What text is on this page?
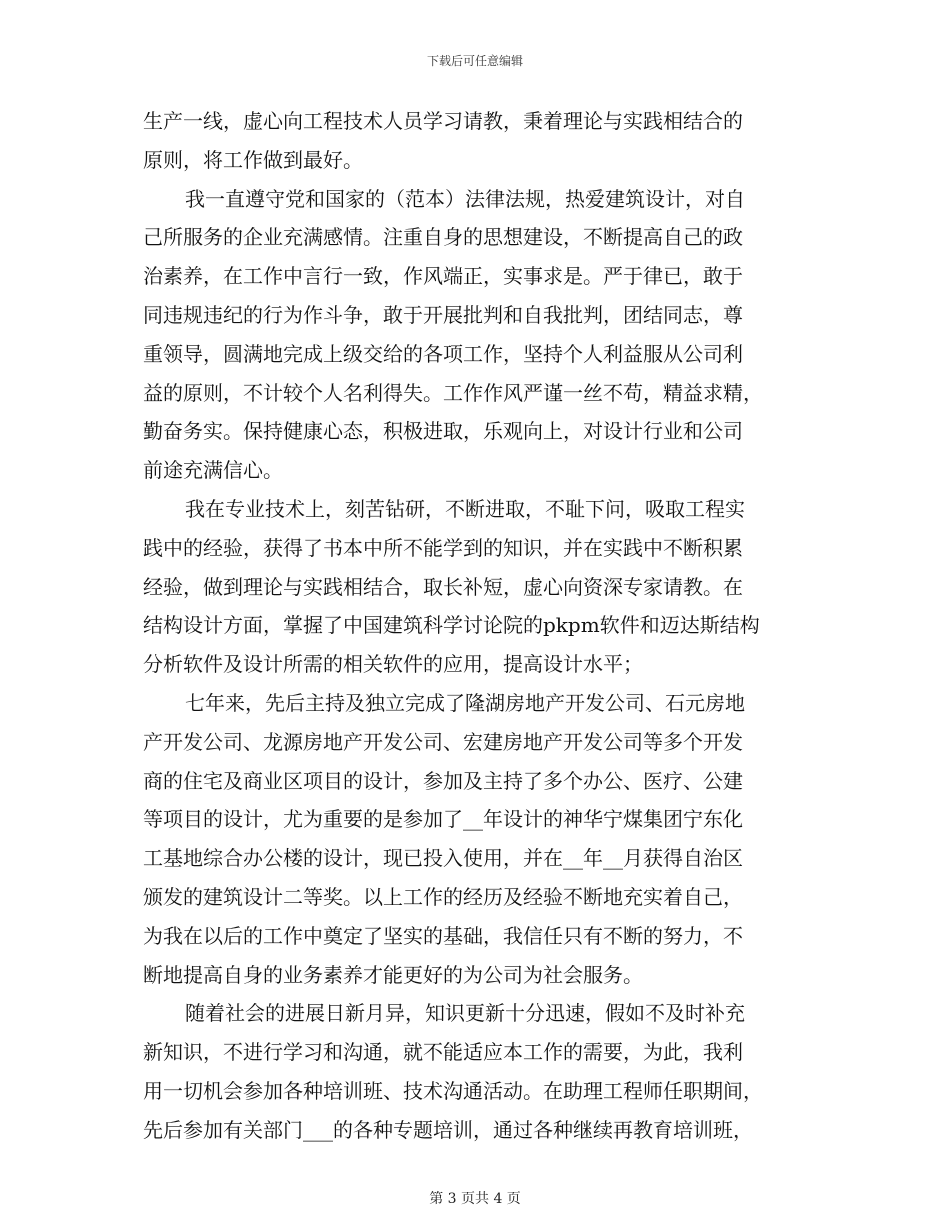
下载后可任意编辑
生产一线，虚心向工程技术人员学习请教，秉着理论与实践相结合的
原则，将工作做到最好。
我一直遵守党和国家的（范本）法律法规，热爱建筑设计，对自
己所服务的企业充满感情。注重自身的思想建设，不断提高自己的政
治素养，在工作中言行一致，作风端正，实事求是。严于律已，敢于
同违规违纪的行为作斗争，敢于开展批判和自我批判，团结同志，尊
重领导，圆满地完成上级交给的各项工作，坚持个人利益服从公司利
益的原则，不计较个人名利得失。工作作风严谨一丝不苟，精益求精，
勤奋务实。保持健康心态，积极进取，乐观向上，对设计行业和公司
前途充满信心。
我在专业技术上，刻苦钻研，不断进取，不耻下问，吸取工程实
践中的经验，获得了书本中所不能学到的知识，并在实践中不断积累
经验，做到理论与实践相结合，取长补短，虚心向资深专家请教。在
结构设计方面，掌握了中国建筑科学讨论院的pkpm软件和迈达斯结构
分析软件及设计所需的相关软件的应用，提高设计水平；
七年来，先后主持及独立完成了隆湖房地产开发公司、石元房地
产开发公司、龙源房地产开发公司、宏建房地产开发公司等多个开发
商的住宅及商业区项目的设计，参加及主持了多个办公、医疗、公建
等项目的设计，尤为重要的是参加了__年设计的神华宁煤集团宁东化
工基地综合办公楼的设计，现已投入使用，并在__年__月获得自治区
颁发的建筑设计二等奖。以上工作的经历及经验不断地充实着自己，
为我在以后的工作中奠定了坚实的基础，我信任只有不断的努力，不
断地提高自身的业务素养才能更好的为公司为社会服务。
随着社会的进展日新月异，知识更新十分迅速，假如不及时补充
新知识，不进行学习和沟通，就不能适应本工作的需要，为此，我利
用一切机会参加各种培训班、技术沟通活动。在助理工程师任职期间，
先后参加有关部门___的各种专题培训，通过各种继续再教育培训班，
第 3 页共 4 页
